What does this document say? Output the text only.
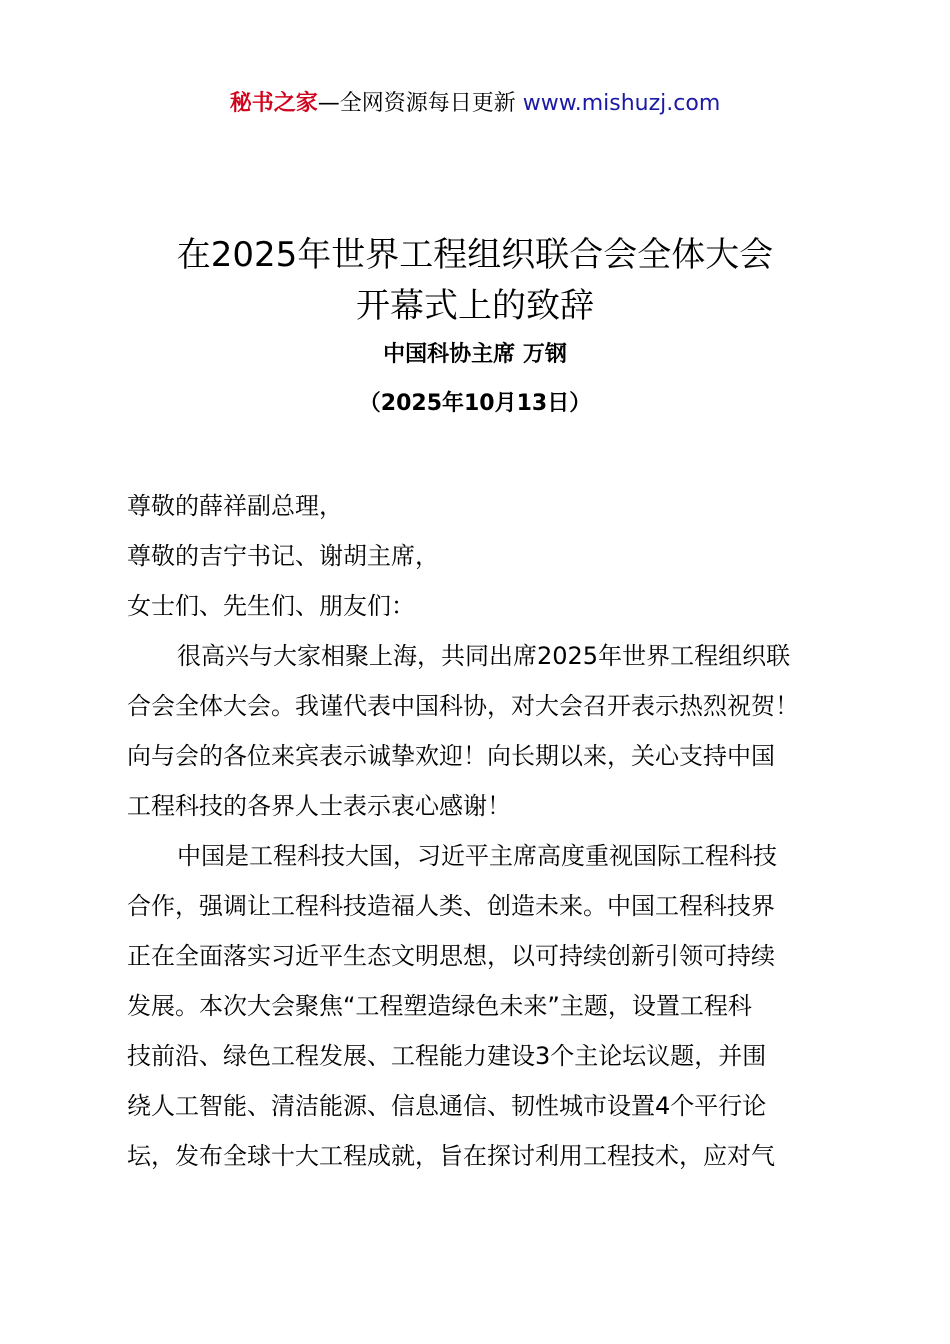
秘书之家—全网资源每日更新 www.mishuzj.com
在2025年世界工程组织联合会全体大会
开幕式上的致辞
中国科协主席 万钢
（2025年10月13日）
尊敬的薛祥副总理，
尊敬的吉宁书记、谢胡主席，
女士们、先生们、朋友们：
很高兴与大家相聚上海，共同出席2025年世界工程组织联
合会全体大会。我谨代表中国科协，对大会召开表示热烈祝贺！
向与会的各位来宾表示诚挚欢迎！向长期以来，关心支持中国
工程科技的各界人士表示衷心感谢！
中国是工程科技大国，习近平主席高度重视国际工程科技
合作，强调让工程科技造福人类、创造未来。中国工程科技界
正在全面落实习近平生态文明思想，以可持续创新引领可持续
发展。本次大会聚焦“工程塑造绿色未来”主题，设置工程科
技前沿、绿色工程发展、工程能力建设3个主论坛议题，并围
绕人工智能、清洁能源、信息通信、韧性城市设置4个平行论
坛，发布全球十大工程成就，旨在探讨利用工程技术，应对气
